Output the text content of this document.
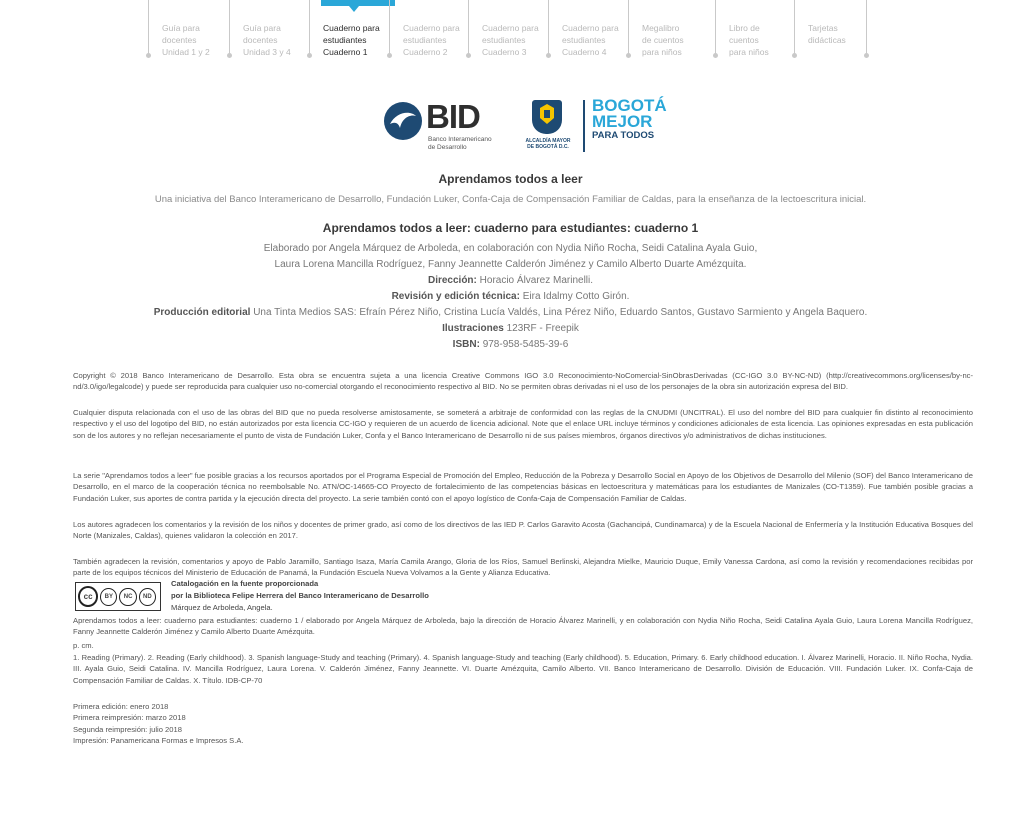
Guía para
docentes
Unidad 1 y 2
Guía para
docentes
Unidad 3 y 4
Cuaderno para
estudiantes
Cuaderno 1
Cuaderno para
estudiantes
Cuaderno 2
Cuaderno para
estudiantes
Cuaderno 3
Cuaderno para
estudiantes
Cuaderno 4
Megalibro
de cuentos
para niños
Libro de
cuentos
para niños
Tarjetas
didácticas
BID
Banco Interamericano de Desarrollo
ALCALDÍA MAYOR DE BOGOTÁ D.C.
BOGOTÁ
MEJOR
PARA TODOS
Aprendamos todos a leer
Una iniciativa del Banco Interamericano de Desarrollo, Fundación Luker, Confa-Caja de Compensación Familiar de Caldas, para la enseñanza de la lectoescritura inicial.
Aprendamos todos a leer: cuaderno para estudiantes: cuaderno 1
Elaborado por Angela Márquez de Arboleda, en colaboración con Nydia Niño Rocha, Seidi Catalina Ayala Guio,
Laura Lorena Mancilla Rodríguez, Fanny Jeannette Calderón Jiménez y Camilo Alberto Duarte Amézquita.
Dirección: Horacio Álvarez Marinelli.
Revisión y edición técnica: Eira Idalmy Cotto Girón.
Producción editorial Una Tinta Medios SAS: Efraín Pérez Niño, Cristina Lucía Valdés, Lina Pérez Niño, Eduardo Santos, Gustavo Sarmiento y Angela Baquero.
Ilustraciones 123RF - Freepik
ISBN: 978-958-5485-39-6
Copyright © 2018 Banco Interamericano de Desarrollo. Esta obra se encuentra sujeta a una licencia Creative Commons IGO 3.0 Reconocimiento-NoComercial-SinObrasDerivadas (CC-IGO 3.0 BY-NC-ND) (http://creativecommons.org/licenses/by-nc-nd/3.0/igo/legalcode) y puede ser reproducida para cualquier uso no-comercial otorgando el reconocimiento respectivo al BID. No se permiten obras derivadas ni el uso de los personajes de la obra sin autorización expresa del BID.
Cualquier disputa relacionada con el uso de las obras del BID que no pueda resolverse amistosamente, se someterá a arbitraje de conformidad con las reglas de la CNUDMI (UNCITRAL). El uso del nombre del BID para cualquier fin distinto al reconocimiento respectivo y el uso del logotipo del BID, no están autorizados por esta licencia CC-IGO y requieren de un acuerdo de licencia adicional. Note que el enlace URL incluye términos y condiciones adicionales de esta licencia. Las opiniones expresadas en esta publicación son de los autores y no reflejan necesariamente el punto de vista de Fundación Luker, Confa y el Banco Interamericano de Desarrollo ni de sus países miembros, órganos directivos y/o administrativos de dichas instituciones.
La serie "Aprendamos todos a leer" fue posible gracias a los recursos aportados por el Programa Especial de Promoción del Empleo, Reducción de la Pobreza y Desarrollo Social en Apoyo de los Objetivos de Desarrollo del Milenio (SOF) del Banco Interamericano de Desarrollo, en el marco de la cooperación técnica no reembolsable No. ATN/OC-14665-CO Proyecto de fortalecimiento de las competencias básicas en lectoescritura y matemáticas para los estudiantes de Manizales (CO-T1359). Fue también posible gracias a Fundación Luker, sus aportes de contra partida y la ejecución directa del proyecto. La serie también contó con el apoyo logístico de Confa-Caja de Compensación Familiar de Caldas.
Los autores agradecen los comentarios y la revisión de los niños y docentes de primer grado, así como de los directivos de las IED P. Carlos Garavito Acosta (Gachancipá, Cundinamarca) y de la Escuela Nacional de Enfermería y la Institución Educativa Bosques del Norte (Manizales, Caldas), quienes validaron la colección en 2017.
También agradecen la revisión, comentarios y apoyo de Pablo Jaramillo, Santiago Isaza, María Camila Arango, Gloria de los Ríos, Samuel Berlinski, Alejandra Mielke, Mauricio Duque, Emily Vanessa Cardona, así como la revisión y recomendaciones recibidas por parte de los equipos técnicos del Ministerio de Educación de Panamá, la Fundación Escuela Nueva Volvamos a la Gente y Alianza Educativa.
cc	BY	NC	ND
Catalogación en la fuente proporcionada
por la Biblioteca Felipe Herrera del Banco Interamericano de Desarrollo
Márquez de Arboleda, Angela.
Aprendamos todos a leer: cuaderno para estudiantes: cuaderno 1 / elaborado por Angela Márquez de Arboleda, bajo la dirección de Horacio Álvarez Marinelli, y en colaboración con Nydia Niño Rocha, Seidi Catalina Ayala Guio, Laura Lorena Mancilla Rodríguez, Fanny Jeannette Calderón Jiménez y Camilo Alberto Duarte Amézquita.
p. cm.
1. Reading (Primary). 2. Reading (Early childhood). 3. Spanish language-Study and teaching (Primary). 4. Spanish language-Study and teaching (Early childhood). 5. Education, Primary. 6. Early childhood education. I. Álvarez Marinelli, Horacio. II. Niño Rocha, Nydia. III. Ayala Guio, Seidi Catalina. IV. Mancilla Rodríguez, Laura Lorena. V. Calderón Jiménez, Fanny Jeannette. VI. Duarte Amézquita, Camilo Alberto. VII. Banco Interamericano de Desarrollo. División de Educación. VIII. Fundación Luker. IX. Confa-Caja de Compensación Familiar de Caldas. X. Título. IDB-CP-70
Primera edición: enero 2018
Primera reimpresión: marzo 2018
Segunda reimpresión: julio 2018
Impresión: Panamericana Formas e Impresos S.A.
